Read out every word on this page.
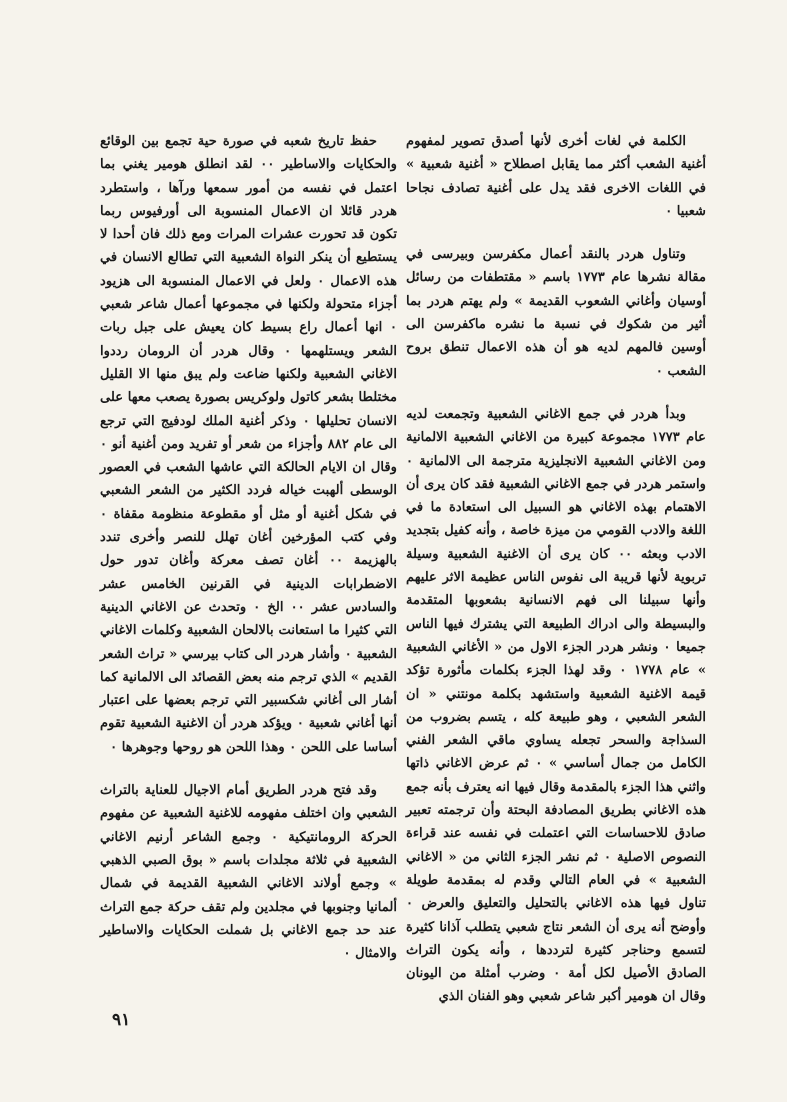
الكلمة في لغات أخرى لأنها أصدق تصوير لمفهوم أغنية الشعب أكثر مما يقابل اصطلاح « أغنية شعبية » في اللغات الاخرى فقد يدل على أغنية تصادف نجاحا شعبيا ٠

وتناول هردر بالنقد أعمال مكفرسن وبيرسى في مقالة نشرها عام ١٧٧٣ باسم « مقتطفات من رسائل أوسيان وأغاني الشعوب القديمة » ولم يهتم هردر بما أثير من شكوك في نسبة ما نشره ماكفرسن الى أوسين فالمهم لديه هو أن هذه الاعمال تنطق بروح الشعب ٠

وبدأ هردر في جمع الاغاني الشعبية وتجمعت لديه عام ١٧٧٣ مجموعة كبيرة من الاغاني الشعبية الالمانية ومن الاغاني الشعبية الانجليزية مترجمة الى الالمانية ٠ واستمر هردر في جمع الاغاني الشعبية فقد كان يرى أن الاهتمام بهذه الاغاني هو السبيل الى استعادة ما في اللغة والادب القومي من ميزة خاصة ، وأنه كفيل بتجديد الادب وبعثه ٠٠ كان يرى أن الاغنية الشعبية وسيلة تربوية لأنها قريبة الى نفوس الناس عظيمة الاثر عليهم وأنها سبيلنا الى فهم الانسانية بشعوبها المتقدمة والبسيطة والى ادراك الطبيعة التي يشترك فيها الناس جميعا ٠ ونشر هردر الجزء الاول من « الأغاني الشعبية » عام ١٧٧٨ ٠ وقد لهذا الجزء بكلمات مأثورة تؤكد قيمة الاغنية الشعبية واستشهد بكلمة مونتني « ان الشعر الشعبي ، وهو طبيعة كله ، يتسم بضروب من السذاجة والسحر تجعله يساوي ماقي الشعر الفني الكامل من جمال أساسي » ٠ ثم عرض الاغاني ذاتها واثني هذا الجزء بالمقدمة وقال فيها انه يعترف بأنه جمع هذه الاغاني بطريق المصادفة البحتة وأن ترجمته تعبير صادق للاحساسات التي اعتملت في نفسه عند قراءة النصوص الاصلية ٠ ثم نشر الجزء الثاني من « الاغاني الشعبية » في العام التالي وقدم له بمقدمة طويلة تناول فيها هذه الاغاني بالتحليل والتعليق والعرض ٠ وأوضح أنه يرى أن الشعر نتاج شعبي يتطلب آذانا كثيرة لتسمع وحناجر كثيرة لترددها ، وأنه يكون التراث الصادق الأصيل لكل أمة ٠ وضرب أمثلة من اليونان وقال ان هومير أكبر شاعر شعبي وهو الفنان الذي

حفظ تاريخ شعبه في صورة حية تجمع بين الوقائع والحكايات والاساطير ٠٠ لقد انطلق هومير يغني بما اعتمل في نفسه من أمور سمعها ورآها ، واستطرد هردر قائلا ان الاعمال المنسوبة الى أورفيوس ربما تكون قد تحورت عشرات المرات ومع ذلك فان أحدا لا يستطيع أن ينكر النواة الشعبية التي تطالع الانسان في هذه الاعمال ٠ ولعل في الاعمال المنسوبة الى هزيود أجزاء متحولة ولكنها في مجموعها أعمال شاعر شعبي ٠ انها أعمال راع بسيط كان يعيش على جبل ربات الشعر ويستلهمها ٠ وقال هردر أن الرومان رددوا الاغاني الشعبية ولكنها ضاعت ولم يبق منها الا القليل مختلطا بشعر كاتول ولوكريس بصورة يصعب معها على الانسان تحليلها ٠ وذكر أغنية الملك لودفيج التي ترجع الى عام ٨٨٢ وأجزاء من شعر أو تفريد ومن أغنية أنو ٠ وقال ان الايام الحالكة التي عاشها الشعب في العصور الوسطى ألهبت خياله فردد الكثير من الشعر الشعبي في شكل أغنية أو مثل أو مقطوعة منظومة مقفاة ٠ وفي كتب المؤرخين أغان تهلل للنصر وأخرى تندد بالهزيمة ٠٠ أغان تصف معركة وأغان تدور حول الاضطرابات الدينية في القرنين الخامس عشر والسادس عشر ٠٠ الخ ٠ وتحدث عن الاغاني الدينية التي كثيرا ما استعانت بالالحان الشعبية وكلمات الاغاني الشعبية ٠ وأشار هردر الى كتاب بيرسي « تراث الشعر القديم » الذي ترجم منه بعض القصائد الى الالمانية كما أشار الى أغاني شكسبير التي ترجم بعضها على اعتبار أنها أغاني شعبية ٠ ويؤكد هردر أن الاغنية الشعبية تقوم أساسا على اللحن ٠ وهذا اللحن هو روحها وجوهرها ٠

وقد فتح هردر الطريق أمام الاجيال للعناية بالتراث الشعبي وان اختلف مفهومه للاغنية الشعبية عن مفهوم الحركة الرومانتيكية ٠ وجمع الشاعر أرنيم الاغاني الشعبية في ثلاثة مجلدات باسم « بوق الصبي الذهبي » وجمع أولاند الاغاني الشعبية القديمة في شمال ألمانيا وجنوبها في مجلدين ولم تقف حركة جمع التراث عند حد جمع الاغاني بل شملت الحكايات والاساطير والامثال ٠

٩١
